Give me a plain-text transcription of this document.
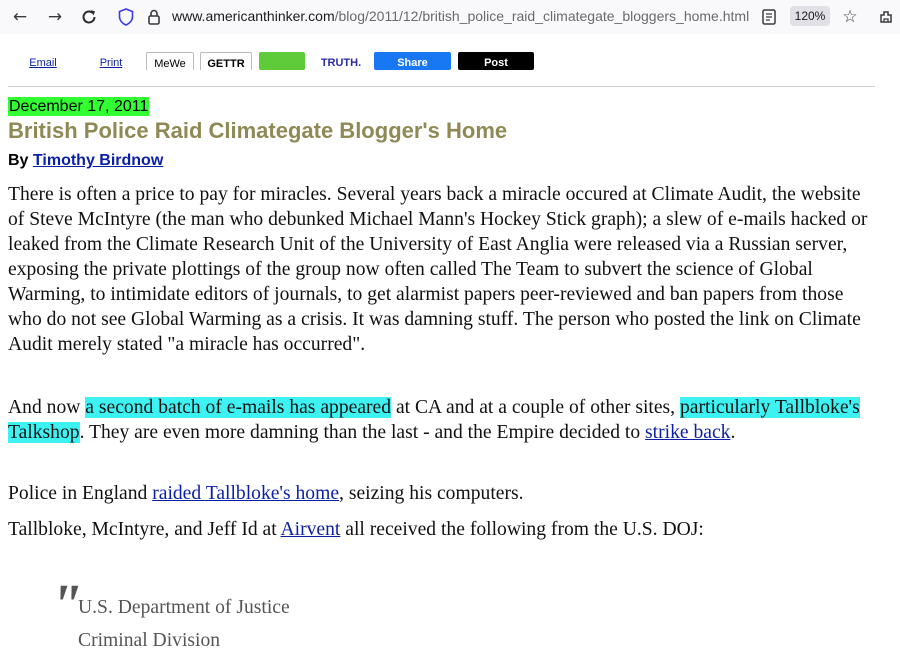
← →	www.americanthinker.com/blog/2011/12/british_police_raid_climategate_bloggers_home.html	120% ☆
Email	Print	MeWe GETTR	TRUTH.	Share	Post
December 17, 2011
British Police Raid Climategate Blogger's Home
By Timothy Birdnow
There is often a price to pay for miracles. Several years back a miracle occured at Climate Audit, the website of Steve McIntyre (the man who debunked Michael Mann's Hockey Stick graph); a slew of e-mails hacked or leaked from the Climate Research Unit of the University of East Anglia were released via a Russian server, exposing the private plottings of the group now often called The Team to subvert the science of Global Warming, to intimidate editors of journals, to get alarmist papers peer-reviewed and ban papers from those who do not see Global Warming as a crisis. It was damning stuff. The person who posted the link on Climate Audit merely stated "a miracle has occurred".
And now a second batch of e-mails has appeared at CA and at a couple of other sites, particularly Tallbloke's Talkshop. They are even more damning than the last - and the Empire decided to strike back.
Police in England raided Tallbloke's home, seizing his computers.
Tallbloke, McIntyre, and Jeff Id at Airvent all received the following from the U.S. DOJ:
"
U.S. Department of Justice
Criminal Division
